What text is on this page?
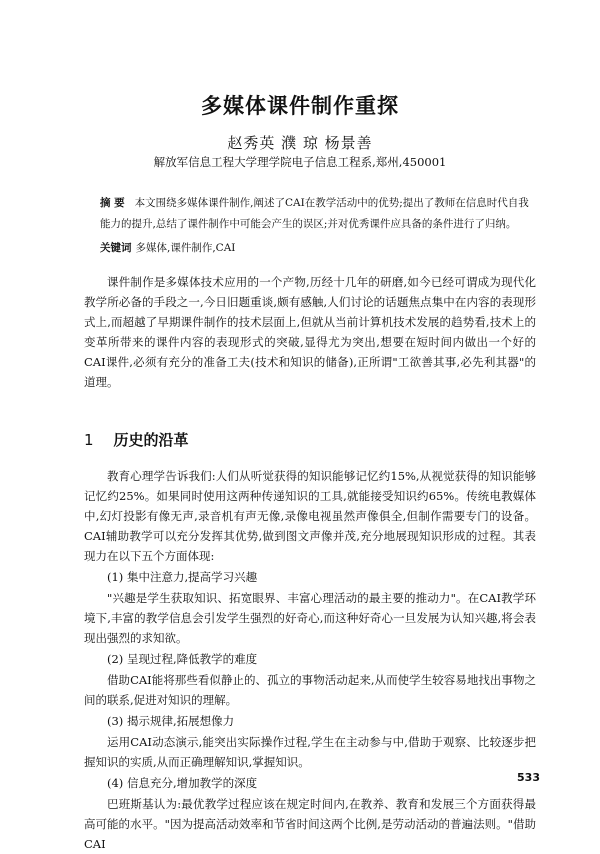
多媒体课件制作重探
赵秀英 濮 琼 杨景善
解放军信息工程大学理学院电子信息工程系,郑州,450001
摘 要 本文围绕多媒体课件制作,阐述了CAI在教学活动中的优势;提出了教师在信息时代自我能力的提升,总结了课件制作中可能会产生的误区;并对优秀课件应具备的条件进行了归纳。
关键词 多媒体,课件制作,CAI

课件制作是多媒体技术应用的一个产物,历经十几年的研磨,如今已经可谓成为现代化教学所必备的手段之一,今日旧题重谈,颇有感触,人们讨论的话题焦点集中在内容的表现形式上,而超越了早期课件制作的技术层面上,但就从当前计算机技术发展的趋势看,技术上的变革所带来的课件内容的表现形式的突破,显得尤为突出,想要在短时间内做出一个好的CAI课件,必须有充分的准备工夫(技术和知识的储备),正所谓"工欲善其事,必先利其器"的道理。

1 历史的沿革

教育心理学告诉我们:人们从听觉获得的知识能够记忆约15%,从视觉获得的知识能够记忆约25%。如果同时使用这两种传递知识的工具,就能接受知识约65%。传统电教媒体中,幻灯投影有像无声,录音机有声无像,录像电视虽然声像俱全,但制作需要专门的设备。CAI辅助教学可以充分发挥其优势,做到图文声像并茂,充分地展现知识形成的过程。其表现力在以下五个方面体现:

(1) 集中注意力,提高学习兴趣

"兴趣是学生获取知识、拓宽眼界、丰富心理活动的最主要的推动力"。在CAI教学环境下,丰富的教学信息会引发学生强烈的好奇心,而这种好奇心一旦发展为认知兴趣,将会表现出强烈的求知欲。

(2) 呈现过程,降低教学的难度

借助CAI能将那些看似静止的、孤立的事物活动起来,从而使学生较容易地找出事物之间的联系,促进对知识的理解。

(3) 揭示规律,拓展想像力

运用CAI动态演示,能突出实际操作过程,学生在主动参与中,借助于观察、比较逐步把握知识的实质,从而正确理解知识,掌握知识。

(4) 信息充分,增加教学的深度

巴班斯基认为:最优教学过程应该在规定时间内,在教养、教育和发展三个方面获得最高可能的水平。"因为提高活动效率和节省时间这两个比例,是劳动活动的普遍法则。"借助CAI

533
